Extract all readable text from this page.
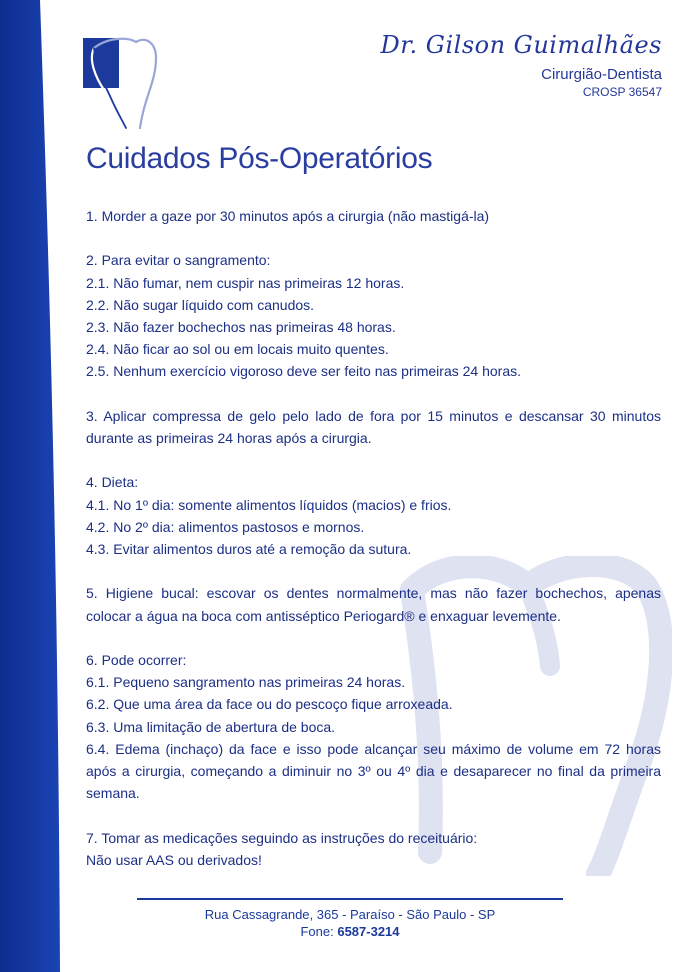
Dr. Gilson Guimalhães
Cirurgião-Dentista
CROSP 36547
Cuidados Pós-Operatórios
1. Morder a gaze por 30 minutos após a cirurgia (não mastigá-la)
2. Para evitar o sangramento:
2.1. Não fumar, nem cuspir nas primeiras 12 horas.
2.2. Não sugar líquido com canudos.
2.3. Não fazer bochechos nas primeiras 48 horas.
2.4. Não ficar ao sol ou em locais muito quentes.
2.5. Nenhum exercício vigoroso deve ser feito nas primeiras 24 horas.
3. Aplicar compressa de gelo pelo lado de fora por 15 minutos e descansar 30 minutos durante as primeiras 24 horas após a cirurgia.
4. Dieta:
4.1. No 1º dia: somente alimentos líquidos (macios) e frios.
4.2. No 2º dia: alimentos pastosos e mornos.
4.3. Evitar alimentos duros até a remoção da sutura.
5. Higiene bucal: escovar os dentes normalmente, mas não fazer bochechos, apenas colocar a água na boca com antisséptico Periogard® e enxaguar levemente.
6. Pode ocorrer:
6.1. Pequeno sangramento nas primeiras 24 horas.
6.2. Que uma área da face ou do pescoço fique arroxeada.
6.3. Uma limitação de abertura de boca.
6.4. Edema (inchaço) da face e isso pode alcançar seu máximo de volume em 72 horas após a cirurgia, começando a diminuir no 3º ou 4º dia e desaparecer no final da primeira semana.
7. Tomar as medicações seguindo as instruções do receituário:
Não usar AAS ou derivados!
Rua Cassagrande, 365 - Paraíso - São Paulo - SP
Fone: 6587-3214
